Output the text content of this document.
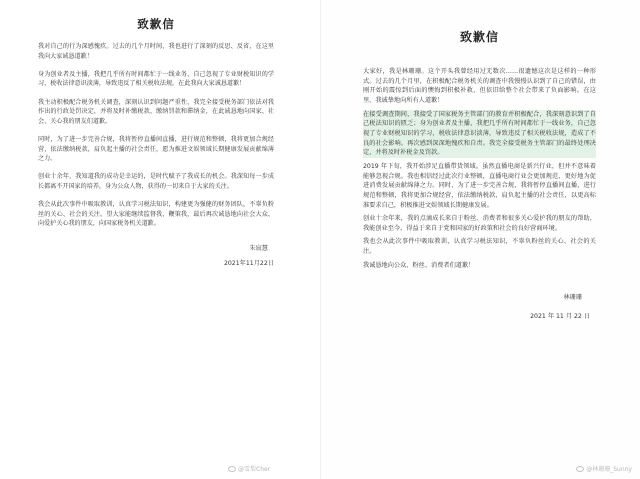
致歉信

我对自己的行为深感愧疚。过去的几个月时间，我也进行了深刻的反思、反省，在这里我向大家诚恳道歉！

身为创业者及主播，我把几乎所有时间都忙于一线业务，自己忽视了专业财税知识的学习，税收法律意识淡薄，导致违反了相关税收法规。在此我向大家诚恳道歉！

我主动积极配合税务机关调查，深刻认识到问题严重性，我完全接受税务部门依法对我作出的行政处罚决定，并将及时补缴税款、缴纳罚款和滞纳金，在此诚恳地向国家、社会、关心我的朋友们道歉。

同时，为了进一步完善合规，我将暂停直播间直播，进行规范和整顿，我将更加合规经营，依法缴纳税款，肩负起主播的社会责任，愿为推进文娱领域长期健康发展贡献绵薄之力。

创业十余年，我知道我的成功是幸运的，是时代赋予了我成长的机会。我深知每一步成长都离不开国家的培养，身为公众人物，获得的一切来自于大家的关注。

我会从此次事件中吸取教训，认真学习税法知识，构建更为强健的财务团队，不辜负粉丝的关心、社会的关注。望大家能继续监督我、鞭策我，最后再次诚恳地向社会大众、向爱护关心我的朋友，向国家税务机关道歉。

朱宸慧

2021年11月22日

@雪梨Cher
致歉信

大家好，我是林珊珊。这个开头我曾经用过无数次……很遗憾这次是这样的一种形式。过去的几个月里，在积极配合税务机关的调查中我慢慢认识到了自己的错误，由刚开始的震惊到后面的懊悔到积极补救，但依旧给整个社会带来了负面影响。在这里，我诚挚地向所有人道歉！

在接受调查期间，我接受了国家税务主管部门的教育并积极配合，我深刻意识到了自己税法知识的匮乏；身为创业者及主播，我把几乎所有时间都忙于一线业务，自己忽视了专业财税知识的学习，税收法律意识淡薄，导致违反了相关税收法规，造成了不良的社会影响。再次感到深深地愧疚和自责。我完全接受税务主管部门的最终处理决定，并将及时补税金及罚款。

2019 年下旬，我开始涉足直播带货领域。虽然直播电商是新兴行业，但并不意味着能够忽视合规。我也相信经过此次行业整顿，直播电商行业会更加规范、更好地为促进消费发展贡献绵薄之力。同时，为了进一步完善合规，我将暂停直播间直播，进行规范和整顿，我将更加合规经营，依法缴纳税款，肩负起主播的社会责任，以更高标准要求自己，积极推进文娱领域长期健康发展。

创业十余年来，我的点滴成长来自于粉丝、消费者和很多关心爱护我的朋友的帮助，我能创业至今，得益于来自于党和国家的好政策和社会的良好营商环境。

我也会从此次事件中吸取教训，认真学习税法知识，不辜负粉丝的关心、社会的关注。

我诚恳地向公众、粉丝、消费者们道歉！

林珊珊

2021 年 11 月 22 日

@林珊珊_Sunny
